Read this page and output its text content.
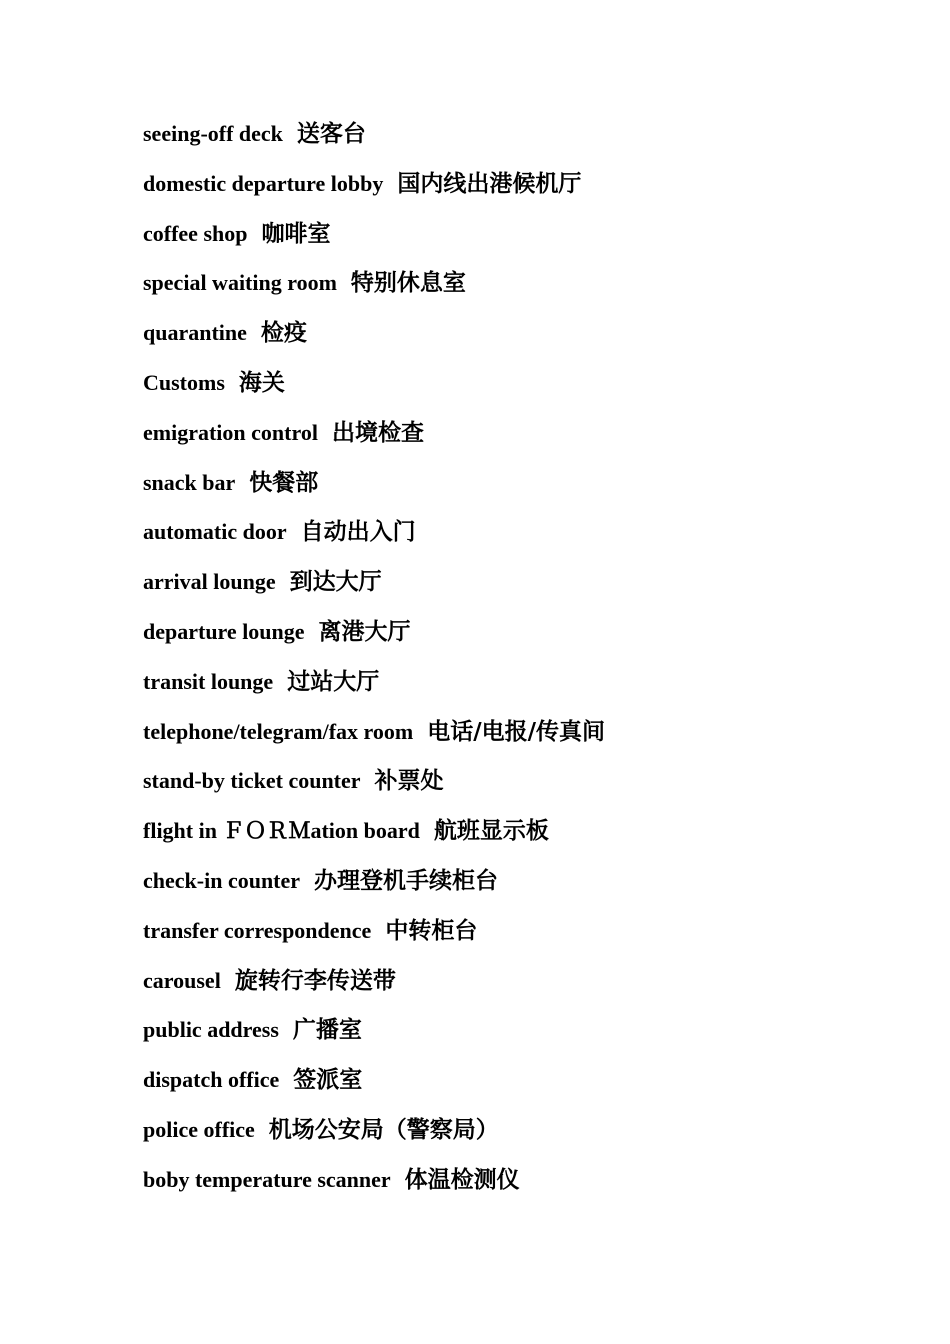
seeing-off deck 送客台
domestic departure lobby 国内线出港候机厅
coffee shop 咖啡室
special waiting room 特别休息室
quarantine 检疫
Customs 海关
emigration control 出境检查
snack bar 快餐部
automatic door 自动出入门
arrival lounge 到达大厅
departure lounge 离港大厅
transit lounge 过站大厅
telephone/telegram/fax room 电话/电报/传真间
stand-by ticket counter 补票处
flight in ＦＯＲＭation board 航班显示板
check-in counter 办理登机手续柜台
transfer correspondence 中转柜台
carousel 旋转行李传送带
public address 广播室
dispatch office 签派室
police office 机场公安局（警察局）
boby temperature scanner 体温检测仪
